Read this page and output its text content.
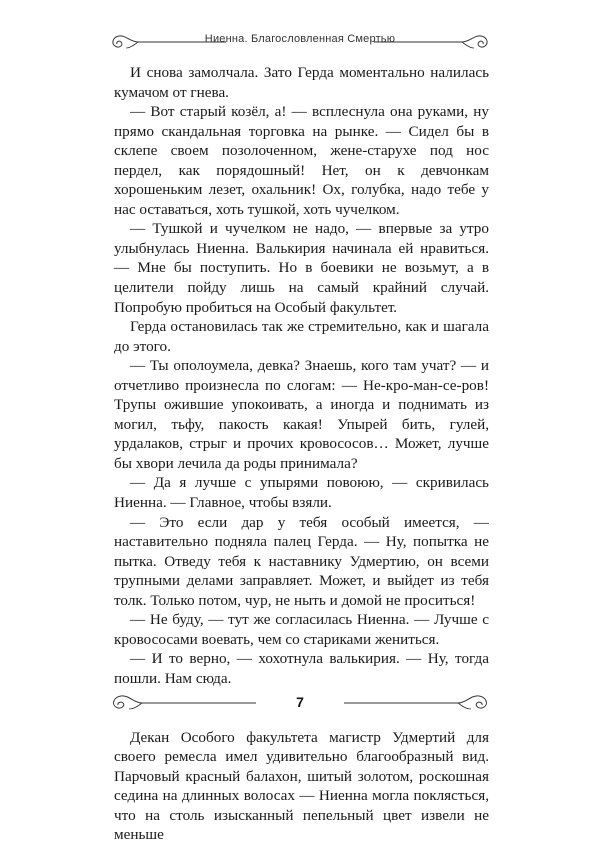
Ниенна. Благословленная Смертью

И снова замолчала. Зато Герда моментально налилась кумачом от гнева.

— Вот старый козёл, а! — всплеснула она руками, ну прямо скандальная торговка на рынке. — Сидел бы в склепе своем позолоченном, жене-старухе под нос пердел, как порядошный! Нет, он к девчонкам хорошеньким лезет, охальник! Ох, голубка, надо тебе у нас оставаться, хоть тушкой, хоть чучелком.

— Тушкой и чучелком не надо, — впервые за утро улыбнулась Ниенна. Валькирия начинала ей нравиться. — Мне бы поступить. Но в боевики не возьмут, а в целители пойду лишь на самый крайний случай. Попробую пробиться на Особый факультет.

Герда остановилась так же стремительно, как и шагала до этого.

— Ты ополоумела, девка? Знаешь, кого там учат? — и отчетливо произнесла по слогам: — Не-кро-ман-се-ров! Трупы ожившие упокоивать, а иногда и поднимать из могил, тьфу, пакость какая! Упырей бить, гулей, урдалаков, стрыг и прочих кровососов… Может, лучше бы хвори лечила да роды принимала?

— Да я лучше с упырями повоюю, — скривилась Ниенна. — Главное, чтобы взяли.

— Это если дар у тебя особый имеется, — наставительно подняла палец Герда. — Ну, попытка не пытка. Отведу тебя к наставнику Удмертию, он всеми трупными делами заправляет. Может, и выйдет из тебя толк. Только потом, чур, не ныть и домой не проситься!

— Не буду, — тут же согласилась Ниенна. — Лучше с кровососами воевать, чем со стариками жениться.

— И то верно, — хохотнула валькирия. — Ну, тогда пошли. Нам сюда.

Декан Особого факультета магистр Удмертий для своего ремесла имел удивительно благообразный вид. Парчовый красный балахон, шитый золотом, роскошная седина на длинных волосах — Ниенна могла поклясться, что на столь изысканный пепельный цвет извели не меньше

7
